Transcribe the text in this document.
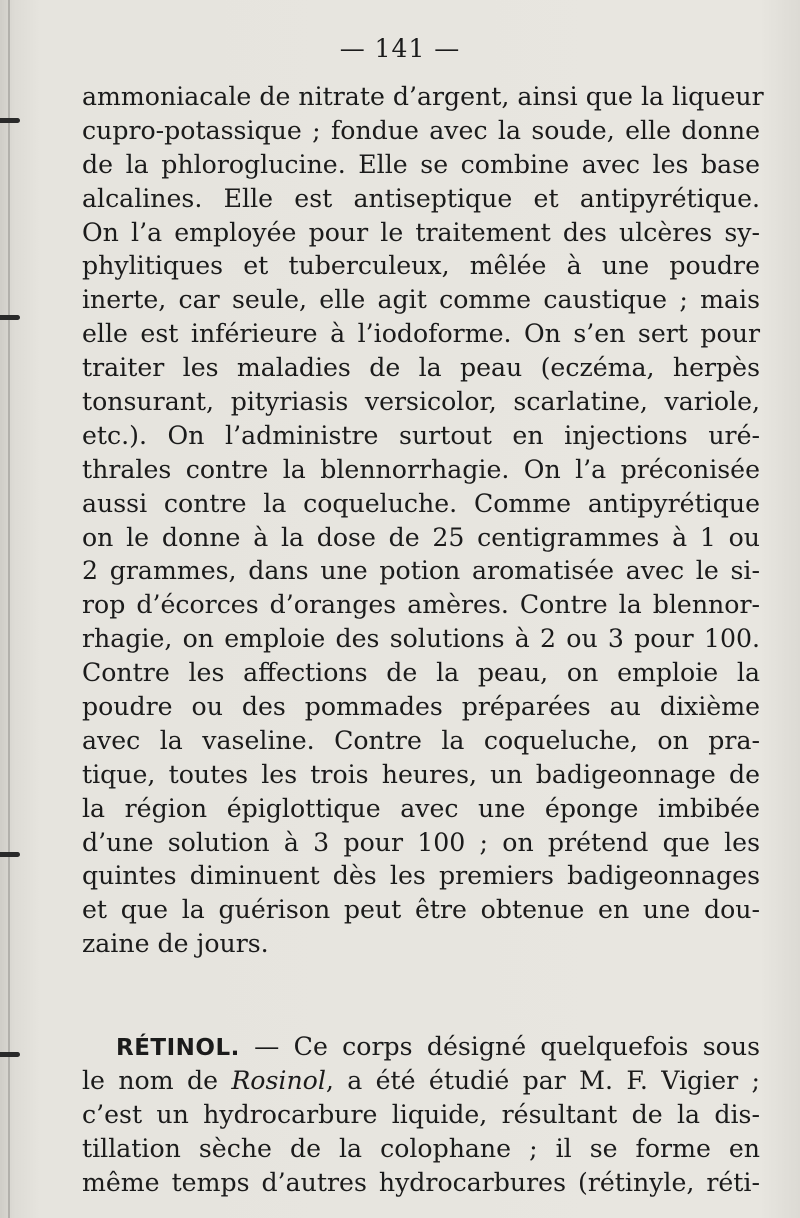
— 141 —
ammoniacale de nitrate d’argent, ainsi que la liqueur
cupro-potassique ; fondue avec la soude, elle donne
de la phloroglucine. Elle se combine avec les base
alcalines. Elle est antiseptique et antipyrétique.
On l’a employée pour le traitement des ulcères sy-
phylitiques et tuberculeux, mêlée à une poudre
inerte, car seule, elle agit comme caustique ; mais
elle est inférieure à l’iodoforme. On s’en sert pour
traiter les maladies de la peau (eczéma, herpès
tonsurant, pityriasis versicolor, scarlatine, variole,
etc.). On l’administre surtout en injections uré-
thrales contre la blennorrhagie. On l’a préconisée
aussi contre la coqueluche. Comme antipyrétique
on le donne à la dose de 25 centigrammes à 1 ou
2 grammes, dans une potion aromatisée avec le si-
rop d’écorces d’oranges amères. Contre la blennor-
rhagie, on emploie des solutions à 2 ou 3 pour 100.
Contre les affections de la peau, on emploie la
poudre ou des pommades préparées au dixième
avec la vaseline. Contre la coqueluche, on pra-
tique, toutes les trois heures, un badigeonnage de
la région épiglottique avec une éponge imbibée
d’une solution à 3 pour 100 ; on prétend que les
quintes diminuent dès les premiers badigeonnages
et que la guérison peut être obtenue en une dou-
zaine de jours.
RÉTINOL. — Ce corps désigné quelquefois sous
le nom de Rosinol, a été étudié par M. F. Vigier ;
c’est un hydrocarbure liquide, résultant de la dis-
tillation sèche de la colophane ; il se forme en
même temps d’autres hydrocarbures (rétinyle, réti-
